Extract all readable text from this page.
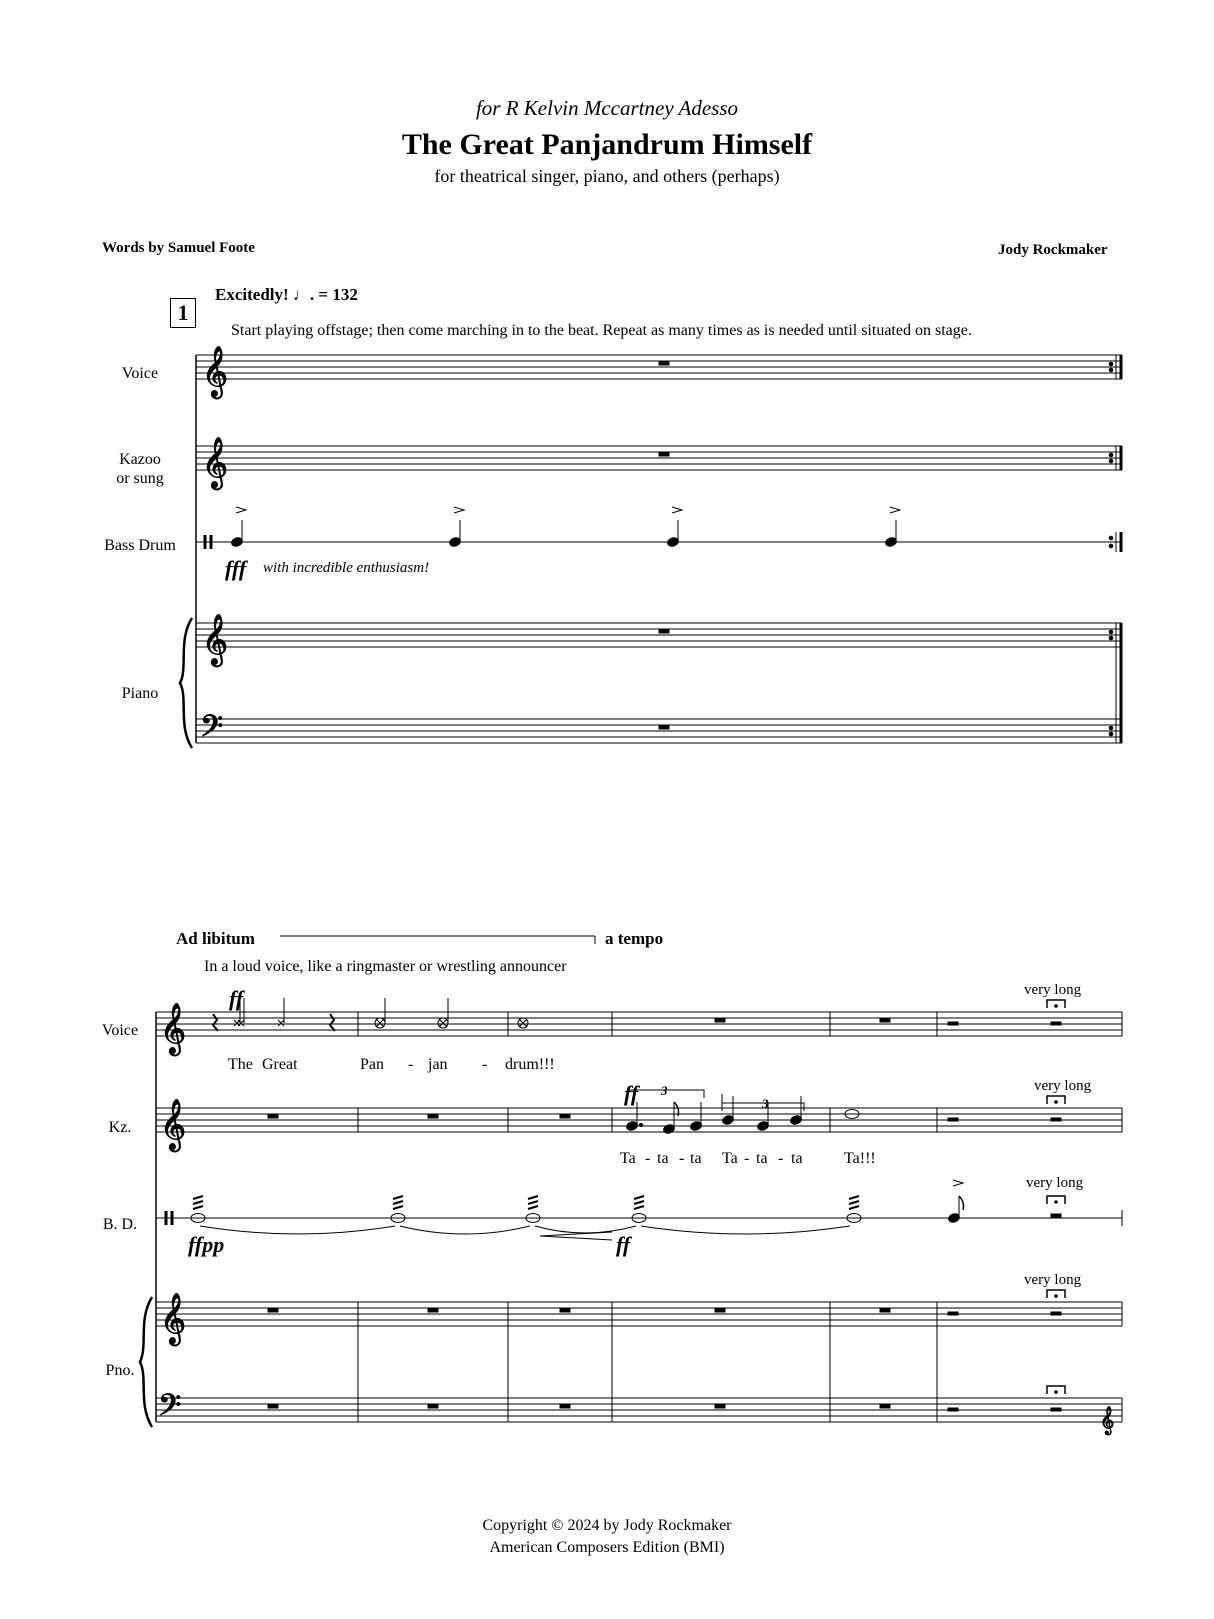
for R Kelvin Mccartney Adesso
The Great Panjandrum Himself
for theatrical singer, piano, and others (perhaps)
Words by Samuel Foote	Jody Rockmaker
1
Excitedly! ♩. = 132
Start playing offstage; then come marching in to the beat. Repeat as many times as is needed until situated on stage.
Voice
Kazoo
or sung
Bass Drum
Piano
fff with incredible enthusiasm!
Ad libitum	a tempo
In a loud voice, like a ringmaster or wrestling announcer
Voice
Kz.
B. D.
Pno.
ff
ff
ffpp	ff
The Great	Pan - jan - drum!!!
Ta - ta - ta Ta - ta - ta	Ta!!!
very long
very long
very long
very long
3
3
Copyright © 2024 by Jody Rockmaker
American Composers Edition (BMI)
𝄞
𝄞
𝄞
𝄢
𝄞
𝄞
𝄞
𝄢	𝄞
